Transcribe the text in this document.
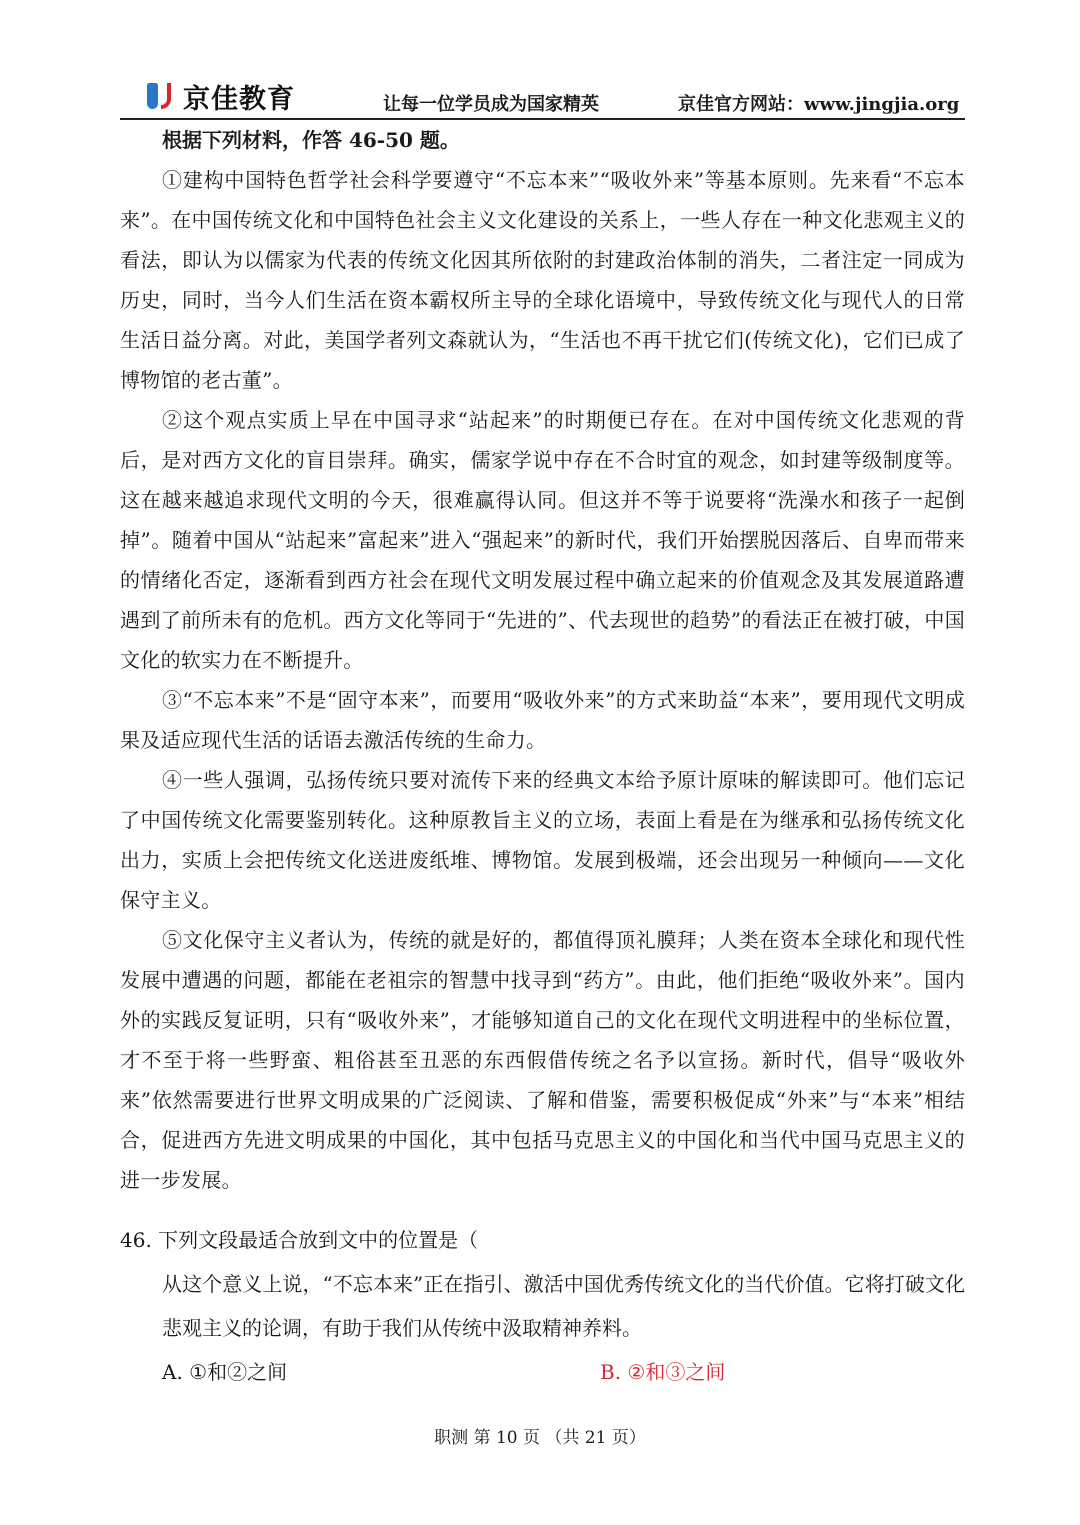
京佳教育	让每一位学员成为国家精英	京佳官方网站：www.jingjia.org

根据下列材料，作答 46-50 题。

①建构中国特色哲学社会科学要遵守“不忘本来”“吸收外来”等基本原则。先来看“不忘本来”。在中国传统文化和中国特色社会主义文化建设的关系上，一些人存在一种文化悲观主义的看法，即认为以儒家为代表的传统文化因其所依附的封建政治体制的消失，二者注定一同成为历史，同时，当今人们生活在资本霸权所主导的全球化语境中，导致传统文化与现代人的日常生活日益分离。对此，美国学者列文森就认为，“生活也不再干扰它们(传统文化)，它们已成了博物馆的老古董”。

②这个观点实质上早在中国寻求“站起来”的时期便已存在。在对中国传统文化悲观的背后，是对西方文化的盲目崇拜。确实，儒家学说中存在不合时宜的观念，如封建等级制度等。这在越来越追求现代文明的今天，很难赢得认同。但这并不等于说要将“洗澡水和孩子一起倒掉”。随着中国从“站起来”富起来”进入“强起来”的新时代，我们开始摆脱因落后、自卑而带来的情绪化否定，逐渐看到西方社会在现代文明发展过程中确立起来的价值观念及其发展道路遭遇到了前所未有的危机。西方文化等同于“先进的”、代去现世的趋势”的看法正在被打破，中国文化的软实力在不断提升。

③“不忘本来”不是“固守本来”，而要用“吸收外来”的方式来助益“本来”，要用现代文明成果及适应现代生活的话语去激活传统的生命力。

④一些人强调，弘扬传统只要对流传下来的经典文本给予原计原味的解读即可。他们忘记了中国传统文化需要鉴别转化。这种原教旨主义的立场，表面上看是在为继承和弘扬传统文化出力，实质上会把传统文化送进废纸堆、博物馆。发展到极端，还会出现另一种倾向——文化保守主义。

⑤文化保守主义者认为，传统的就是好的，都值得顶礼膜拜；人类在资本全球化和现代性发展中遭遇的问题，都能在老祖宗的智慧中找寻到“药方”。由此，他们拒绝“吸收外来”。国内外的实践反复证明，只有“吸收外来”，才能够知道自己的文化在现代文明进程中的坐标位置，才不至于将一些野蛮、粗俗甚至丑恶的东西假借传统之名予以宣扬。新时代，倡导“吸收外来”依然需要进行世界文明成果的广泛阅读、了解和借鉴，需要积极促成“外来”与“本来”相结合，促进西方先进文明成果的中国化，其中包括马克思主义的中国化和当代中国马克思主义的进一步发展。

46. 下列文段最适合放到文中的位置是（

从这个意义上说，“不忘本来”正在指引、激活中国优秀传统文化的当代价值。它将打破文化悲观主义的论调，有助于我们从传统中汲取精神养料。

A. ①和②之间	B. ②和③之间
职测 第 10 页 （共 21 页）
